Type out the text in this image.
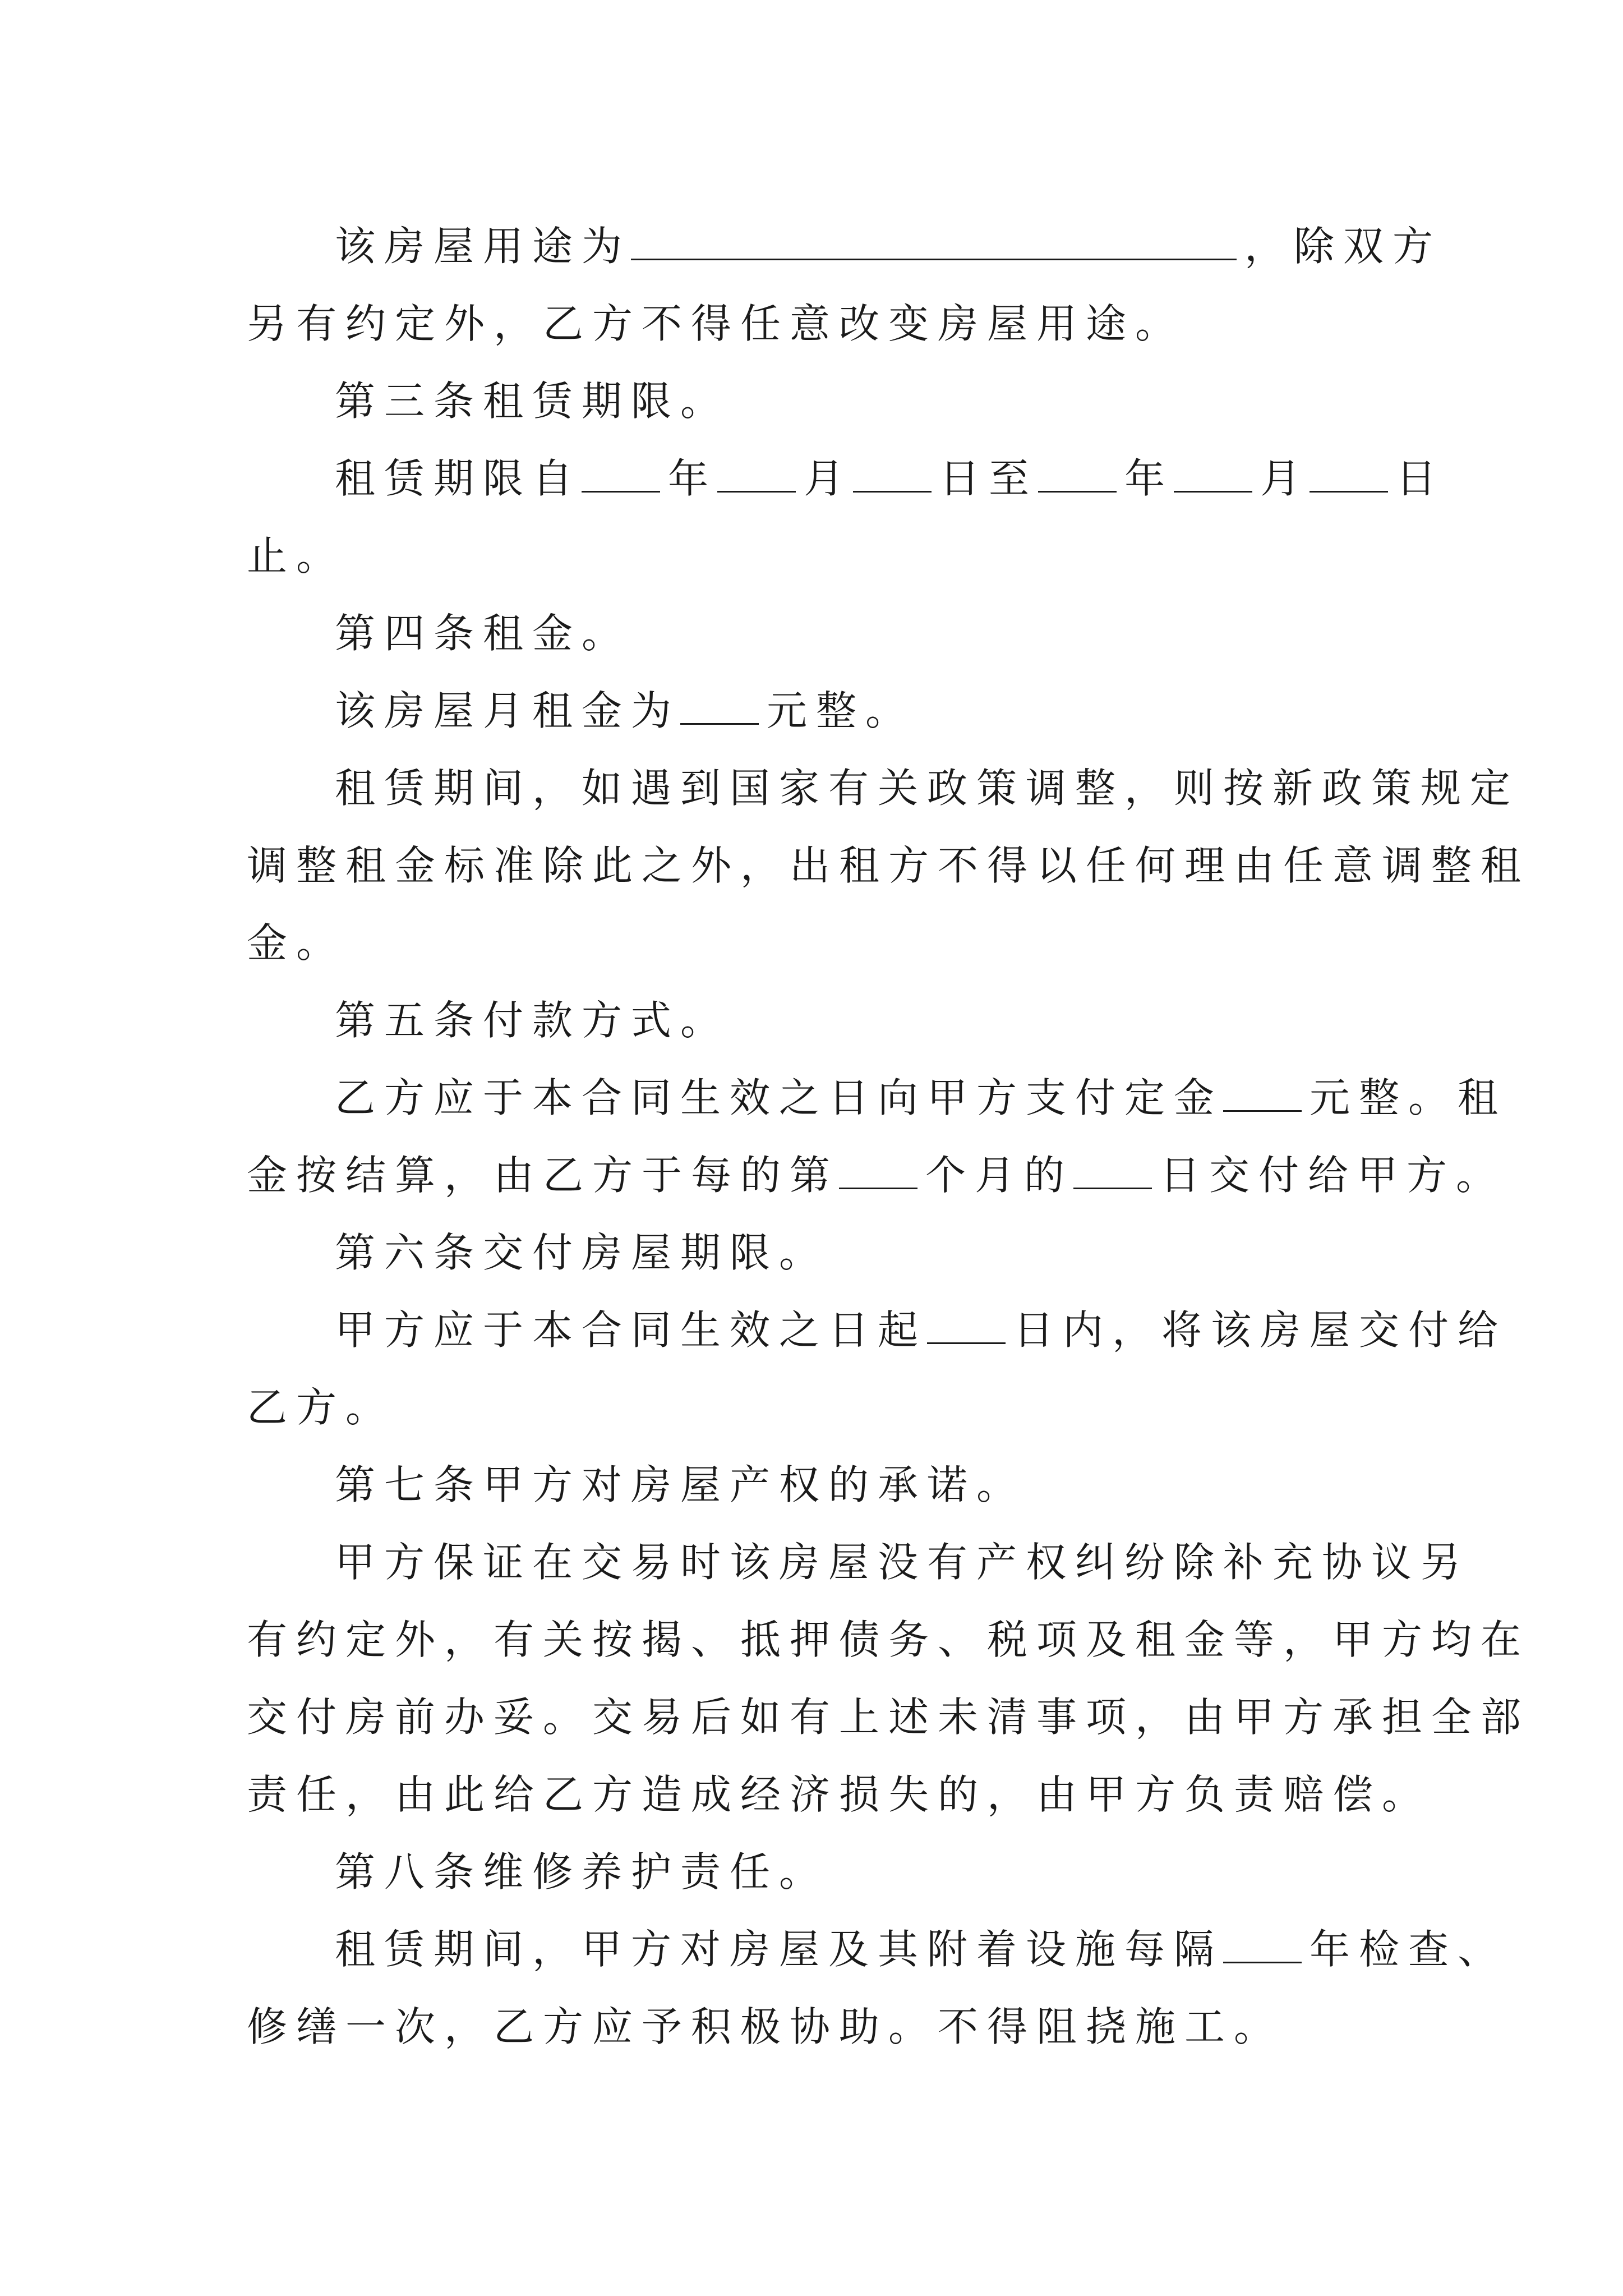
该房屋用途为	，除双方
另有约定外，乙方不得任意改变房屋用途。
第三条租赁期限。
租赁期限自 年 月 日至 年 月 日
止。
第四条租金。
该房屋月租金为 元整。
租赁期间，如遇到国家有关政策调整，则按新政策规定
调整租金标准除此之外，出租方不得以任何理由任意调整租
金。
第五条付款方式。
乙方应于本合同生效之日向甲方支付定金 元整。租
金按结算，由乙方于每的第 个月的 日交付给甲方。
第六条交付房屋期限。
甲方应于本合同生效之日起 日内，将该房屋交付给
乙方。
第七条甲方对房屋产权的承诺。
甲方保证在交易时该房屋没有产权纠纷除补充协议另
有约定外，有关按揭、抵押债务、税项及租金等，甲方均在
交付房前办妥。交易后如有上述未清事项，由甲方承担全部
责任，由此给乙方造成经济损失的，由甲方负责赔偿。
第八条维修养护责任。
租赁期间，甲方对房屋及其附着设施每隔 年检查、
修缮一次，乙方应予积极协助。不得阻挠施工。
